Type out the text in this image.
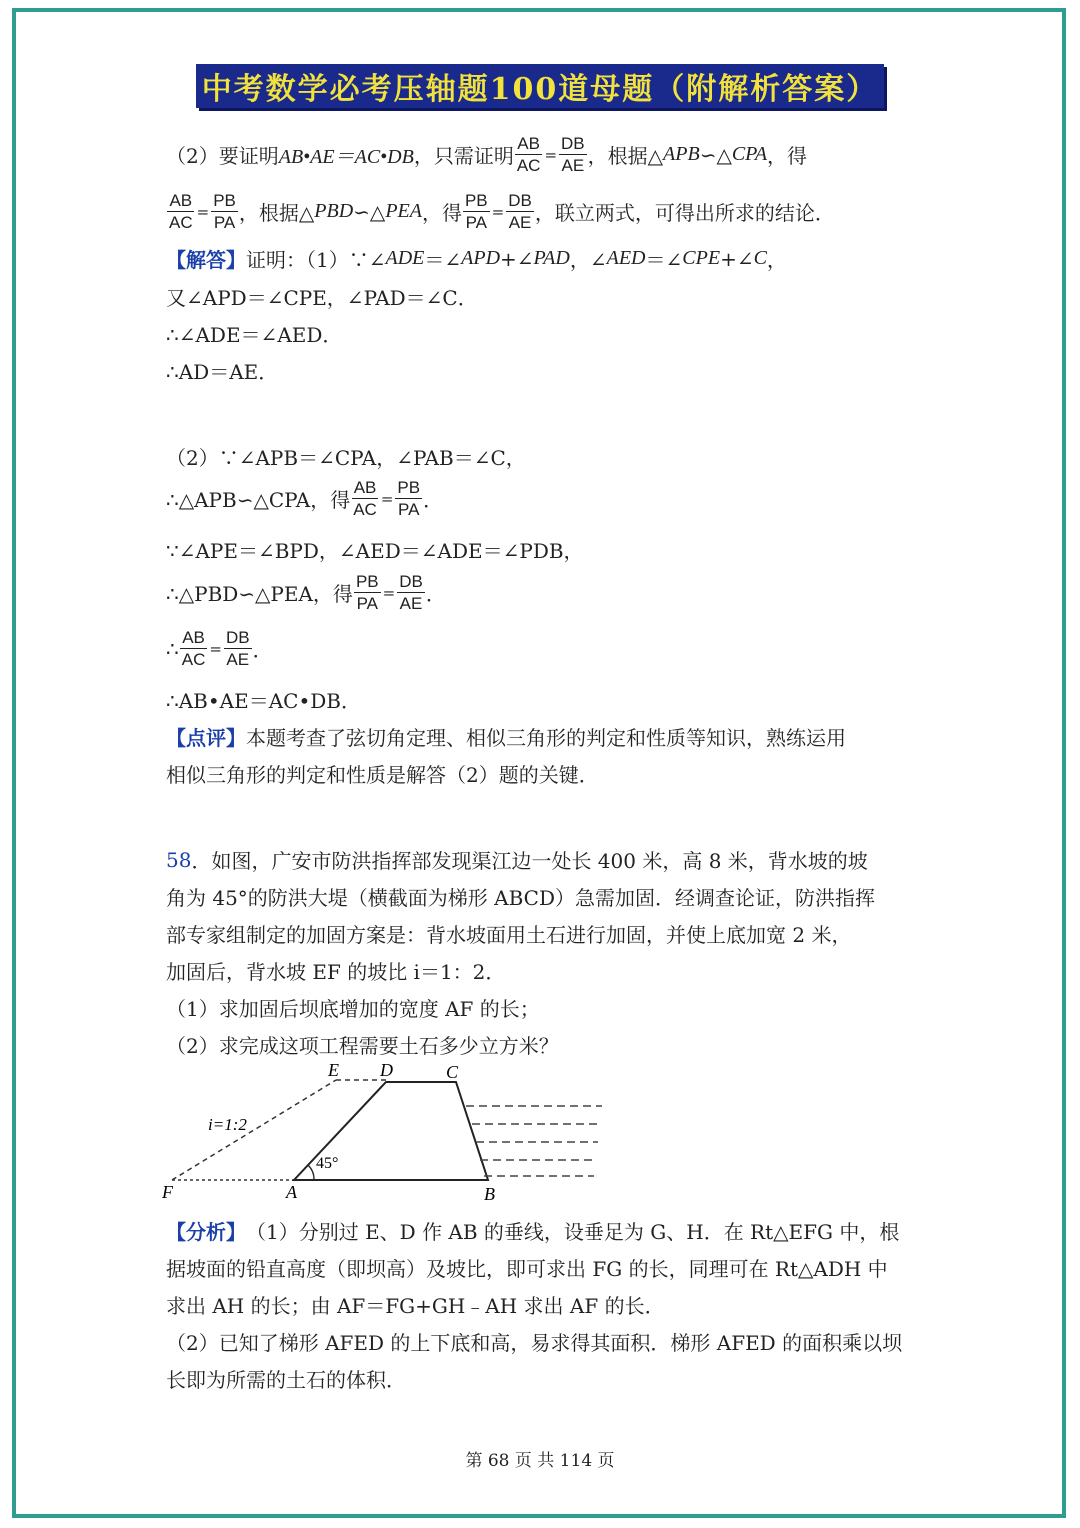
中考数学必考压轴题100道母题（附解析答案）
（2）要证明 AB•AE＝AC•DB ，只需证明 $\frac{AB}{AC} = \frac{DB}{AE}$ ，根据△ APB ∽△ CPA ，得
$\frac{AB}{AC} = \frac{PB}{PA}$ ，根据△ PBD ∽△ PEA ，得 $\frac{PB}{PA} = \frac{DB}{AE}$ ，联立两式，可得出所求的结论．
【解答】 证明：（1）∵∠ ADE ＝∠ APD +∠ PAD ，∠ AED ＝∠ CPE +∠ C ，
又∠APD＝∠CPE，∠PAD＝∠C．
∴∠ADE＝∠AED．
∴AD＝AE．
（2）∵∠APB＝∠CPA，∠PAB＝∠C，
∴△APB∽△CPA，得 $\frac{AB}{AC} = \frac{PB}{PA}$ ．
∵∠APE＝∠BPD，∠AED＝∠ADE＝∠PDB，
∴△PBD∽△PEA，得 $\frac{PB}{PA} = \frac{DB}{AE}$ ．
∴ $\frac{AB}{AC} = \frac{DB}{AE}$ ．
∴AB•AE＝AC•DB．
【点评】 本题考查了弦切角定理、相似三角形的判定和性质等知识，熟练运用
相似三角形的判定和性质是解答（2）题的关键．
58 ．如图，广安市防洪指挥部发现渠江边一处长 400 米，高 8 米，背水坡的坡
角为 45°的防洪大堤（横截面为梯形 ABCD）急需加固．经调查论证，防洪指挥
部专家组制定的加固方案是：背水坡面用土石进行加固，并使上底加宽 2 米，
加固后，背水坡 EF 的坡比 i＝1：2．
（1）求加固后坝底增加的宽度 AF 的长；
（2）求完成这项工程需要土石多少立方米？
E D	C
F	A	B
i=1:2
45°
【分析】 （1）分别过 E、D 作 AB 的垂线，设垂足为 G、H．在 Rt△EFG 中，根
据坡面的铅直高度（即坝高）及坡比，即可求出 FG 的长，同理可在 Rt△ADH 中
求出 AH 的长；由 AF＝FG+GH﹣AH 求出 AF 的长．
（2）已知了梯形 AFED 的上下底和高，易求得其面积．梯形 AFED 的面积乘以坝
长即为所需的土石的体积．
第 68 页 共 114 页
